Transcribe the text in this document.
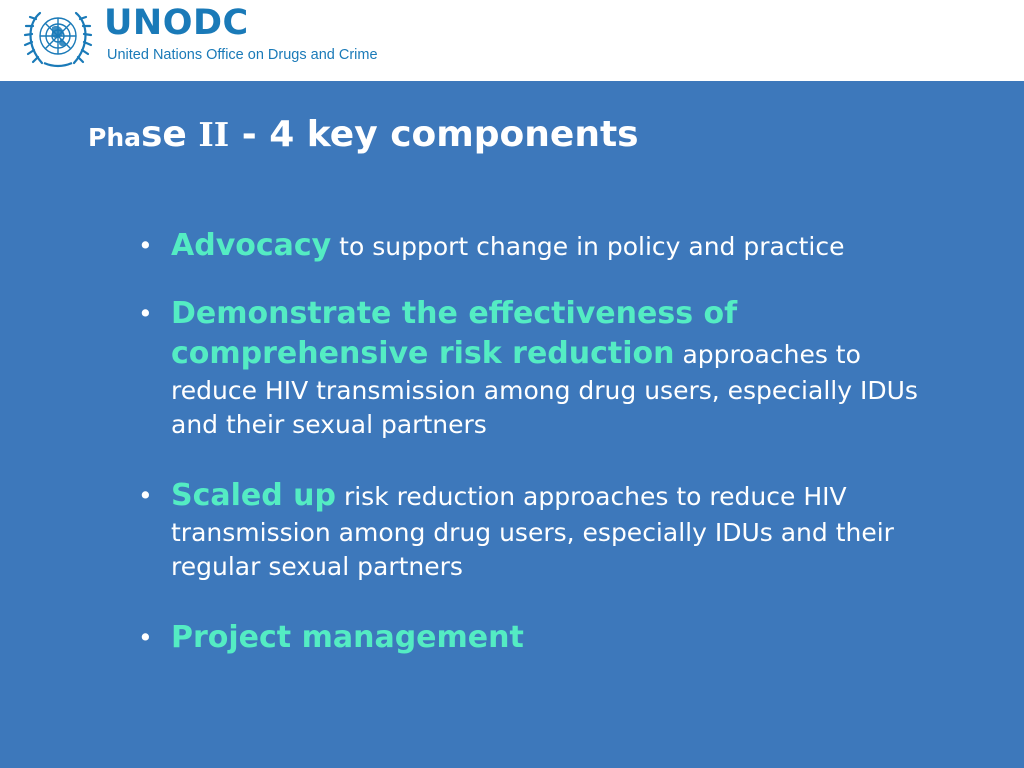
UNODC
United Nations Office on Drugs and Crime
Phase II - 4 key components
• Advocacy to support change in policy and practice
• Demonstrate the effectiveness of comprehensive risk reduction approaches to reduce HIV transmission among drug users, especially IDUs and their sexual partners
• Scaled up risk reduction approaches to reduce HIV transmission among drug users, especially IDUs and their regular sexual partners
• Project management
